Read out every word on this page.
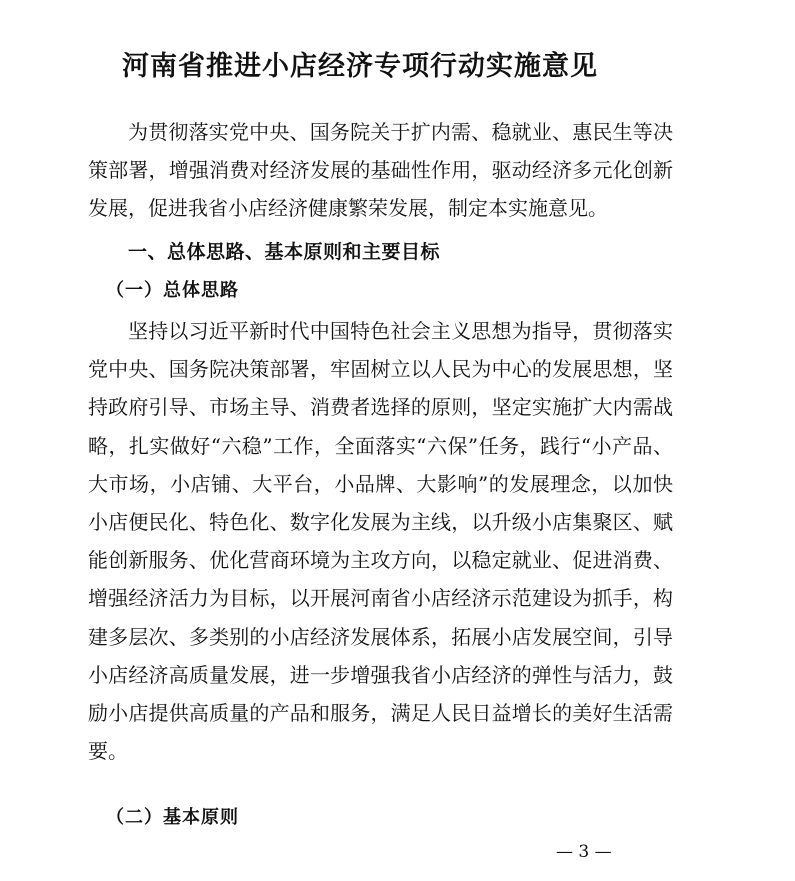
河南省推进小店经济专项行动实施意见

为贯彻落实党中央、国务院关于扩内需、稳就业、惠民生等决策部署，增强消费对经济发展的基础性作用，驱动经济多元化创新发展，促进我省小店经济健康繁荣发展，制定本实施意见。

一、总体思路、基本原则和主要目标

（一）总体思路

坚持以习近平新时代中国特色社会主义思想为指导，贯彻落实党中央、国务院决策部署，牢固树立以人民为中心的发展思想，坚持政府引导、市场主导、消费者选择的原则，坚定实施扩大内需战略，扎实做好“六稳”工作，全面落实“六保”任务，践行“小产品、大市场，小店铺、大平台，小品牌、大影响”的发展理念，以加快小店便民化、特色化、数字化发展为主线，以升级小店集聚区、赋能创新服务、优化营商环境为主攻方向，以稳定就业、促进消费、增强经济活力为目标，以开展河南省小店经济示范建设为抓手，构建多层次、多类别的小店经济发展体系，拓展小店发展空间，引导小店经济高质量发展，进一步增强我省小店经济的弹性与活力，鼓励小店提供高质量的产品和服务，满足人民日益增长的美好生活需要。

（二）基本原则

— 3 —
